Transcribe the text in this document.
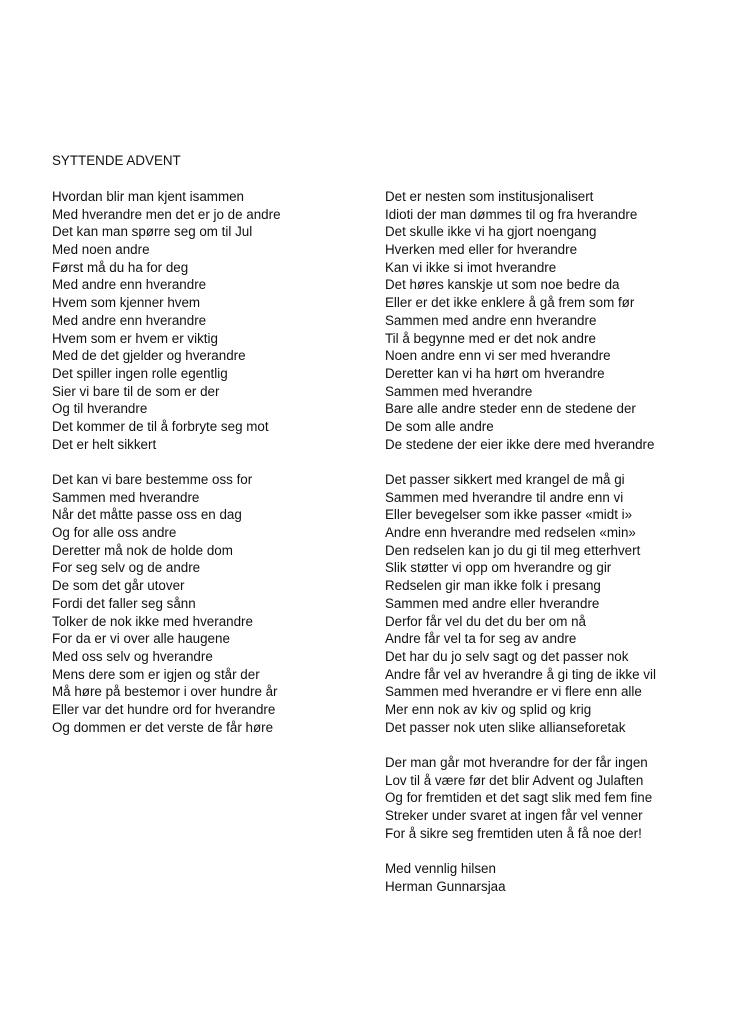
SYTTENDE ADVENT
Hvordan blir man kjent isammen
Med hverandre men det er jo de andre
Det kan man spørre seg om til Jul
Med noen andre
Først må du ha for deg
Med andre enn hverandre
Hvem som kjenner hvem
Med andre enn hverandre
Hvem som er hvem er viktig
Med de det gjelder og hverandre
Det spiller ingen rolle egentlig
Sier vi bare til de som er der
Og til hverandre
Det kommer de til å forbryte seg mot
Det er helt sikkert
Det kan vi bare bestemme oss for
Sammen med hverandre
Når det måtte passe oss en dag
Og for alle oss andre
Deretter må nok de holde dom
For seg selv og de andre
De som det går utover
Fordi det faller seg sånn
Tolker de nok ikke med hverandre
For da er vi over alle haugene
Med oss selv og hverandre
Mens dere som er igjen og står der
Må høre på bestemor i over hundre år
Eller var det hundre ord for hverandre
Og dommen er det verste de får høre
Det er nesten som institusjonalisert
Idioti der man dømmes til og fra hverandre
Det skulle ikke vi ha gjort noengang
Hverken med eller for hverandre
Kan vi ikke si imot hverandre
Det høres kanskje ut som noe bedre da
Eller er det ikke enklere å gå frem som før
Sammen med andre enn hverandre
Til å begynne med er det nok andre
Noen andre enn vi ser med hverandre
Deretter kan vi ha hørt om hverandre
Sammen med hverandre
Bare alle andre steder enn de stedene der
De som alle andre
De stedene der eier ikke dere med hverandre
Det passer sikkert med krangel de må gi
Sammen med hverandre til andre enn vi
Eller bevegelser som ikke passer «midt i»
Andre enn hverandre med redselen «min»
Den redselen kan jo du gi til meg etterhvert
Slik støtter vi opp om hverandre og gir
Redselen gir man ikke folk i presang
Sammen med andre eller hverandre
Derfor får vel du det du ber om nå
Andre får vel ta for seg av andre
Det har du jo selv sagt og det passer nok
Andre får vel av hverandre å gi ting de ikke vil
Sammen med hverandre er vi flere enn alle
Mer enn nok av kiv og splid og krig
Det passer nok uten slike allianseforetak
Der man går mot hverandre for der får ingen
Lov til å være før det blir Advent og Julaften
Og for fremtiden et det sagt slik med fem fine
Streker under svaret at ingen får vel venner
For å sikre seg fremtiden uten å få noe der!
Med vennlig hilsen
Herman Gunnarsjaa
